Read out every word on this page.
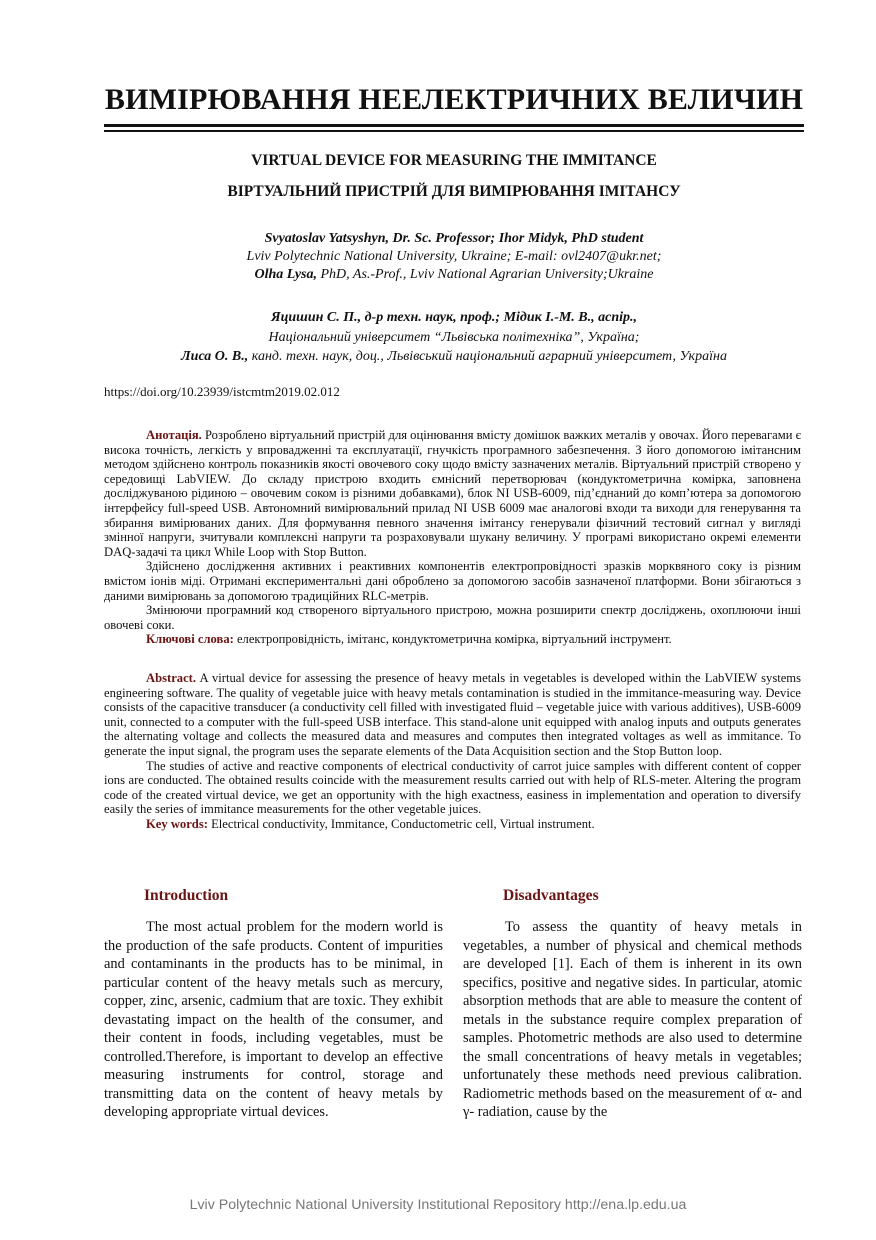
ВИМІРЮВАННЯ НЕЕЛЕКТРИЧНИХ ВЕЛИЧИН
VIRTUAL DEVICE FOR MEASURING THE IMMITANCE
ВІРТУАЛЬНИЙ ПРИСТРІЙ ДЛЯ ВИМІРЮВАННЯ ІМІТАНСУ
Svyatoslav Yatsyshyn, Dr. Sc. Professor; Ihor Midyk, PhD student
Lviv Polytechnic National University, Ukraine; E-mail: ovl2407@ukr.net;
Olha Lysa, PhD, As.-Prof., Lviv National Agrarian University;Ukraine
Яцишин С. П., д-р техн. наук, проф.; Мідик І.-М. В., аспір.,
Національний університет “Львівська політехніка”, Україна;
Лиса О. В., канд. техн. наук, доц., Львівський національний аграрний університет, Україна
https://doi.org/10.23939/istcmtm2019.02.012

Анотація. Розроблено віртуальний пристрій для оцінювання вмісту домішок важких металів у овочах. Його перевагами є висока точність, легкість у впровадженні та експлуатації, гнучкість програмного забезпечення. З його допомогою імітансним методом здійснено контроль показників якості овочевого соку щодо вмісту зазначених металів. Віртуальний пристрій створено у середовищі LabVIEW. До складу пристрою входить ємнісний перетворювач (кондуктометрична комірка, заповнена досліджуваною рідиною – овочевим соком із різними добавками), блок NI USB-6009, під’єднаний до комп’ютера за допомогою інтерфейсу full-speed USB. Автономний вимірювальний прилад NI USB 6009 має аналогові входи та виходи для генерування та збирання вимірюваних даних. Для формування певного значення імітансу генерували фізичний тестовий сигнал у вигляді змінної напруги, зчитували комплексні напруги та розраховували шукану величину. У програмі використано окремі елементи DAQ-задачі та цикл While Loop with Stop Button.

Здійснено дослідження активних і реактивних компонентів електропровідності зразків морквяного соку із різним вмістом іонів міді. Отримані експериментальні дані оброблено за допомогою засобів зазначеної платформи. Вони збігаються з даними вимірювань за допомогою традиційних RLC-метрів.

Змінюючи програмний код створеного віртуального пристрою, можна розширити спектр досліджень, охоплюючи інші овочеві соки.

Ключові слова: електропровідність, імітанс, кондуктометрична комірка, віртуальний інструмент.

Abstract. A virtual device for assessing the presence of heavy metals in vegetables is developed within the LabVIEW systems engineering software. The quality of vegetable juice with heavy metals contamination is studied in the immitance-measuring way. Device consists of the capacitive transducer (a conductivity cell filled with investigated fluid – vegetable juice with various additives), USB-6009 unit, connected to a computer with the full-speed USB interface. This stand-alone unit equipped with analog inputs and outputs generates the alternating voltage and collects the measured data and measures and computes then integrated voltages as well as immitance. To generate the input signal, the program uses the separate elements of the Data Acquisition section and the Stop Button loop.

The studies of active and reactive components of electrical conductivity of carrot juice samples with different content of copper ions are conducted. The obtained results coincide with the measurement results carried out with help of RLS-meter. Altering the program code of the created virtual device, we get an opportunity with the high exactness, easiness in implementation and operation to diversify easily the series of immitance measurements for the other vegetable juices.

Key words: Electrical conductivity, Immitance, Conductometric cell, Virtual instrument.

Introduction

The most actual problem for the modern world is the production of the safe products. Content of impurities and contaminants in the products has to be minimal, in particular content of the heavy metals such as mercury, copper, zinc, arsenic, cadmium that are toxic. They exhibit devastating impact on the health of the consumer, and their content in foods, including vegetables, must be controlled.Therefore, is important to develop an effective measuring instruments for control, storage and transmitting data on the content of heavy metals by developing appropriate virtual devices.

Disadvantages

To assess the quantity of heavy metals in vegetables, a number of physical and chemical methods are developed [1]. Each of them is inherent in its own specifics, positive and negative sides. In particular, atomic absorption methods that are able to measure the content of metals in the substance require complex preparation of samples. Photometric methods are also used to determine the small concentrations of heavy metals in vegetables; unfortunately these methods need previous calibration. Radiometric methods based on the measurement of α- and γ- radiation, cause by the

Lviv Polytechnic National University Institutional Repository http://ena.lp.edu.ua
